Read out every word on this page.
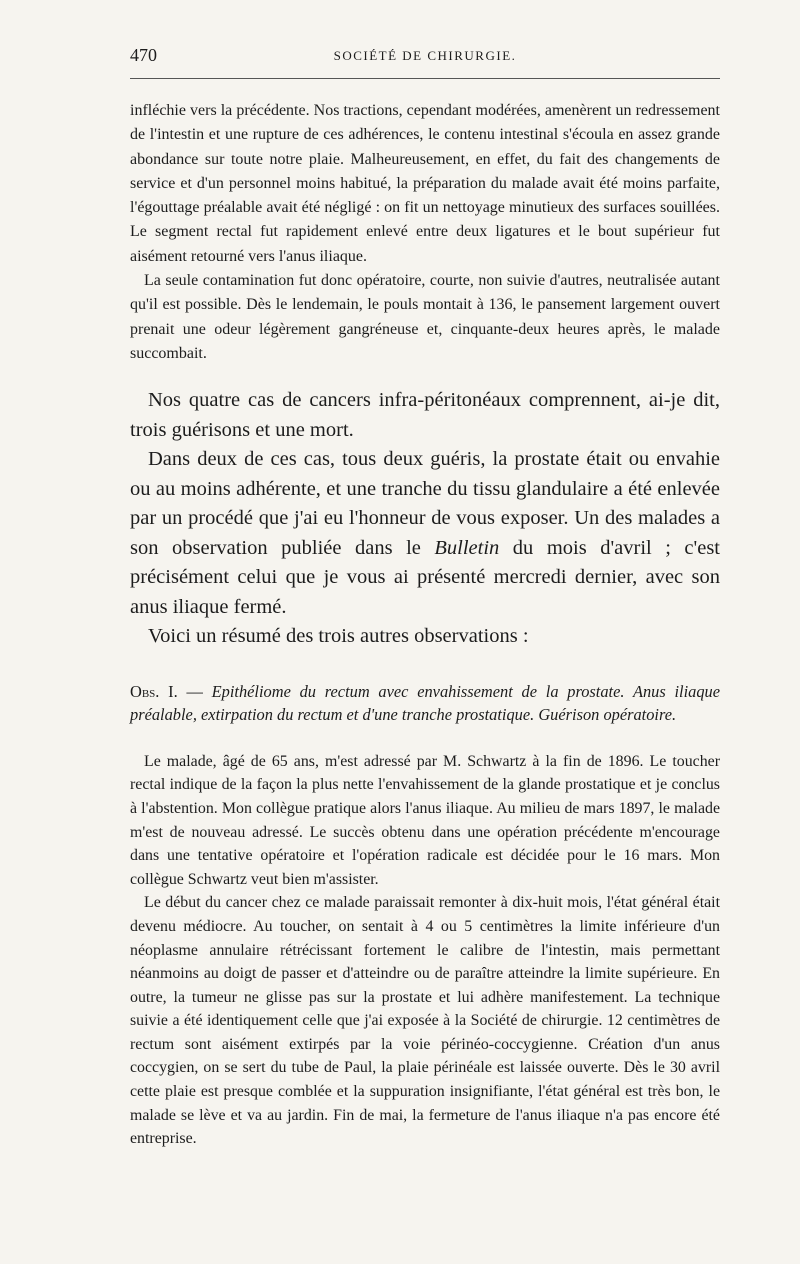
470	SOCIÉTÉ DE CHIRURGIE.

infléchie vers la précédente. Nos tractions, cependant modérées, amenèrent un redressement de l'intestin et une rupture de ces adhérences, le contenu intestinal s'écoula en assez grande abondance sur toute notre plaie. Malheureusement, en effet, du fait des changements de service et d'un personnel moins habitué, la préparation du malade avait été moins parfaite, l'égouttage préalable avait été négligé : on fit un nettoyage minutieux des surfaces souillées. Le segment rectal fut rapidement enlevé entre deux ligatures et le bout supérieur fut aisément retourné vers l'anus iliaque.

La seule contamination fut donc opératoire, courte, non suivie d'autres, neutralisée autant qu'il est possible. Dès le lendemain, le pouls montait à 136, le pansement largement ouvert prenait une odeur légèrement gangréneuse et, cinquante-deux heures après, le malade succombait.

Nos quatre cas de cancers infra-péritonéaux comprennent, ai-je dit, trois guérisons et une mort.

Dans deux de ces cas, tous deux guéris, la prostate était ou envahie ou au moins adhérente, et une tranche du tissu glandulaire a été enlevée par un procédé que j'ai eu l'honneur de vous exposer. Un des malades a son observation publiée dans le Bulletin du mois d'avril ; c'est précisément celui que je vous ai présenté mercredi dernier, avec son anus iliaque fermé.

Voici un résumé des trois autres observations :

Obs. I. — Epithéliome du rectum avec envahissement de la prostate. Anus iliaque préalable, extirpation du rectum et d'une tranche prostatique. Guérison opératoire.

Le malade, âgé de 65 ans, m'est adressé par M. Schwartz à la fin de 1896. Le toucher rectal indique de la façon la plus nette l'envahissement de la glande prostatique et je conclus à l'abstention. Mon collègue pratique alors l'anus iliaque. Au milieu de mars 1897, le malade m'est de nouveau adressé. Le succès obtenu dans une opération précédente m'encourage dans une tentative opératoire et l'opération radicale est décidée pour le 16 mars. Mon collègue Schwartz veut bien m'assister.

Le début du cancer chez ce malade paraissait remonter à dix-huit mois, l'état général était devenu médiocre. Au toucher, on sentait à 4 ou 5 centimètres la limite inférieure d'un néoplasme annulaire rétrécissant fortement le calibre de l'intestin, mais permettant néanmoins au doigt de passer et d'atteindre ou de paraître atteindre la limite supérieure. En outre, la tumeur ne glisse pas sur la prostate et lui adhère manifestement. La technique suivie a été identiquement celle que j'ai exposée à la Société de chirurgie. 12 centimètres de rectum sont aisément extirpés par la voie périnéo-coccygienne. Création d'un anus coccygien, on se sert du tube de Paul, la plaie périnéale est laissée ouverte. Dès le 30 avril cette plaie est presque comblée et la suppuration insignifiante, l'état général est très bon, le malade se lève et va au jardin. Fin de mai, la fermeture de l'anus iliaque n'a pas encore été entreprise.
